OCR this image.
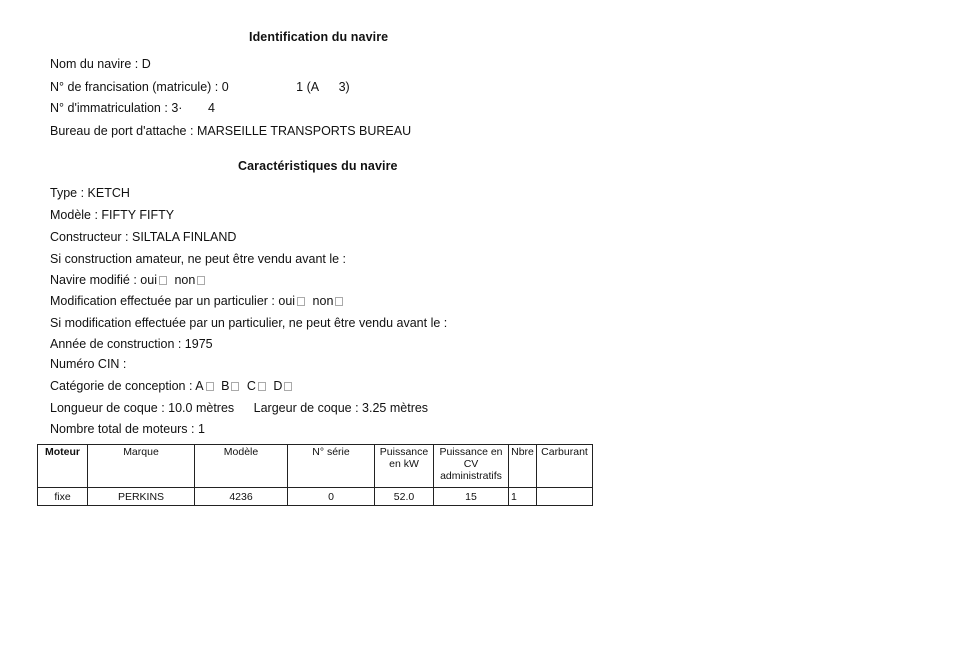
Identification du navire
Nom du navire : D
N° de francisation (matricule) : 0	1 (A 3)
N° d'immatriculation : 3· 4
Bureau de port d'attache : MARSEILLE TRANSPORTS BUREAU
Caractéristiques du navire
Type : KETCH
Modèle : FIFTY FIFTY
Constructeur : SILTALA FINLAND
Si construction amateur, ne peut être vendu avant le :
Navire modifié : oui non
Modification effectuée par un particulier : oui non
Si modification effectuée par un particulier, ne peut être vendu avant le :
Année de construction : 1975
Numéro CIN :
Catégorie de conception : A B C D
Longueur de coque : 10.0 mètres Largeur de coque : 3.25 mètres
Nombre total de moteurs : 1
Moteur	Marque	Modèle	N° série	Puissance en kW	Puissance en CV administratifs	Nbre	Carburant
fixe	PERKINS	4236	0	52.0	15	1	
